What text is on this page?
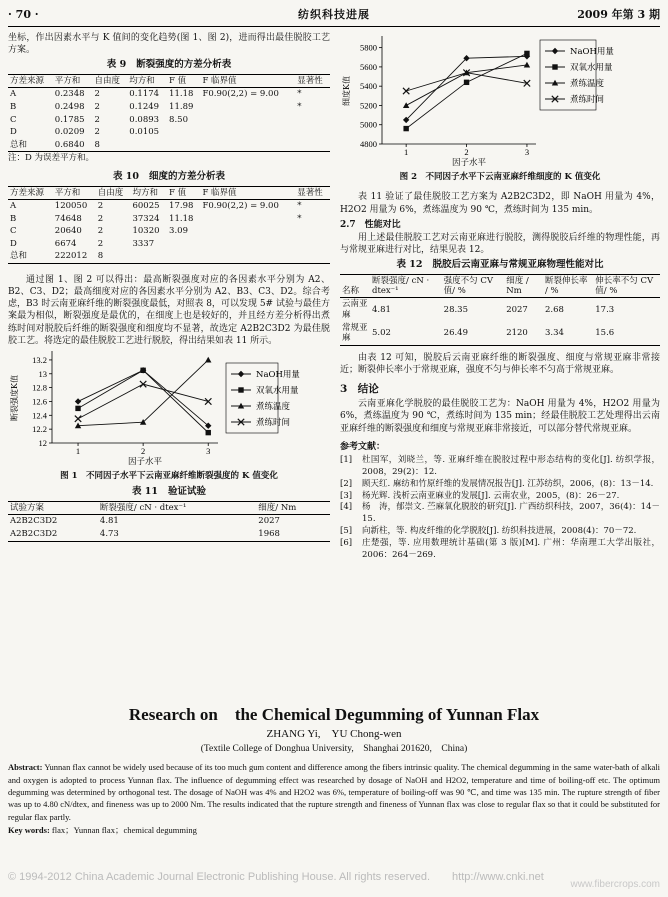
· 70 ·	纺织科技进展	2009 年第 3 期

坐标，作出因素水平与 K 值间的变化趋势(图 1、图 2)，进而得出最佳脱胶工艺方案。

表 9 断裂强度的方差分析表
方差来源	平方和	自由度	均方和	F 值	F 临界值	显著性
A	0.2348	2	0.1174	11.18	F0.90(2,2) = 9.00	*
B	0.2498	2	0.1249	11.89		*
C	0.1785	2	0.0893	8.50		
D	0.0209	2	0.0105			
总和	0.6840	8				
注：D 为误差平方和。
表 10 细度的方差分析表
方差来源	平方和	自由度	均方和	F 值	F 临界值	显著性
A	120050	2	60025	17.98	F0.90(2,2) = 9.00	*
B	74648	2	37324	11.18		*
C	20640	2	10320	3.09		
D	6674	2	3337			
总和	222012	8				

通过图 1、图 2 可以得出：最高断裂强度对应的各因素水平分别为 A2、B2、C3、D2；最高细度对应的各因素水平分别为 A2、B3、C3、D2。综合考虑，B3 时云南亚麻纤维的断裂强度最低，对照表 8，可以发现 5# 试验与最佳方案最为相似，断裂强度是最优的，在细度上也是较好的，并且经方差分析得出煮练时间对脱胶后纤维的断裂强度和细度均不显著，故选定 A2B2C3D2 为最佳脱胶工艺。将选定的最佳脱胶工艺进行脱胶，得出结果如表 11 所示。

12
12.2
12.4
12.6
12.8
13
13.2
1	2	3
因子水平
断裂强度K值
NaOH用量
双氧水用量
煮练温度
煮练时间
图 1　不同因子水平下云南亚麻纤维断裂强度的 K 值变化
表 11 验证试验
试验方案	断裂强度/ cN · dtex⁻¹	细度/ Nm
A2B2C3D2	4.81	2027
A2B2C3D2	4.73	1968
4800
5000
5200
5400
5600
5800
1	2	3
因子水平
细度K值
NaOH用量
双氧水用量
煮练温度
煮练时间
图 2　不同因子水平下云南亚麻纤维细度的 K 值变化

表 11 验证了最佳脱胶工艺方案为 A2B2C3D2，即 NaOH 用量为 4%，H2O2 用量为 6%，煮练温度为 90 ℃，煮练时间为 135 min。

2.7　性能对比

用上述最佳脱胶工艺对云南亚麻进行脱胶，测得脱胶后纤维的物理性能，再与常规亚麻进行对比，结果见表 12。

表 12 脱胶后云南亚麻与常规亚麻物理性能对比
名称	断裂强度/ cN · dtex⁻¹	强度不匀 CV 值/ %	细度 / Nm	断裂伸长率 / %	伸长率不匀 CV 值/ %
云南亚麻	4.81	28.35	2027	2.68	17.3
常规亚麻	5.02	26.49	2120	3.34	15.6

由表 12 可知，脱胶后云南亚麻纤维的断裂强度、细度与常规亚麻非常接近；断裂伸长率小于常规亚麻，强度不匀与伸长率不匀高于常规亚麻。

3　结论

云南亚麻化学脱胶的最佳脱胶工艺为：NaOH 用量为 4%，H2O2 用量为 6%，煮练温度为 90 ℃，煮练时间为 135 min；经最佳脱胶工艺处理得出云南亚麻纤维的断裂强度和细度与常规亚麻非常接近，可以部分替代常规亚麻。

参考文献：
[1]	杜国军，刘晓兰，等. 亚麻纤维在脱胶过程中形态结构的变化[J]. 纺织学报，2008，29(2)：12.
[2]	顾天红. 麻纺和竹原纤维的发展情况报告[J]. 江苏纺织，2006，(8)：13－14.
[3]	杨光辉. 浅析云南亚麻业的发展[J]. 云南农业，2005，(8)：26－27.
[4]	杨　涛，郁崇文. 苎麻氧化脱胶的研究[J]. 广西纺织科技，2007，36(4)：14－15.
[5]	向新柱，等. 构皮纤维的化学脱胶[J]. 纺织科技进展，2008(4)：70－72.
[6]	庄楚强，等. 应用数理统计基础(第 3 版)[M]. 广州：华南理工大学出版社，2006：264－269.
Research on　the Chemical Degumming of Yunnan Flax
ZHANG Yi,　YU Chong-wen
(Textile College of Donghua University,　Shanghai 201620,　China)
Abstract: Yunnan flax cannot be widely used because of its too much gum content and difference among the fibers intrinsic quality. The chemical degumming in the same water-bath of alkali and oxygen is adopted to process Yunnan flax. The influence of degumming effect was researched by dosage of NaOH and H2O2, temperature and time of boiling-off etc. The optimum degumming was determined by orthogonal test. The dosage of NaOH was 4% and H2O2 was 6%, temperature of boiling-off was 90 ℃, and time was 135 min. The rupture strength of fiber was up to 4.80 cN/dtex, and fineness was up to 2000 Nm. The results indicated that the rupture strength and fineness of Yunnan flax was close to regular flax so that it could be substituted for regular flax partly.
Key words: flax；Yunnan flax；chemical degumming
© 1994-2012 China Academic Journal Electronic Publishing House. All rights reserved.　　http://www.cnki.net
www.fibercrops.com
